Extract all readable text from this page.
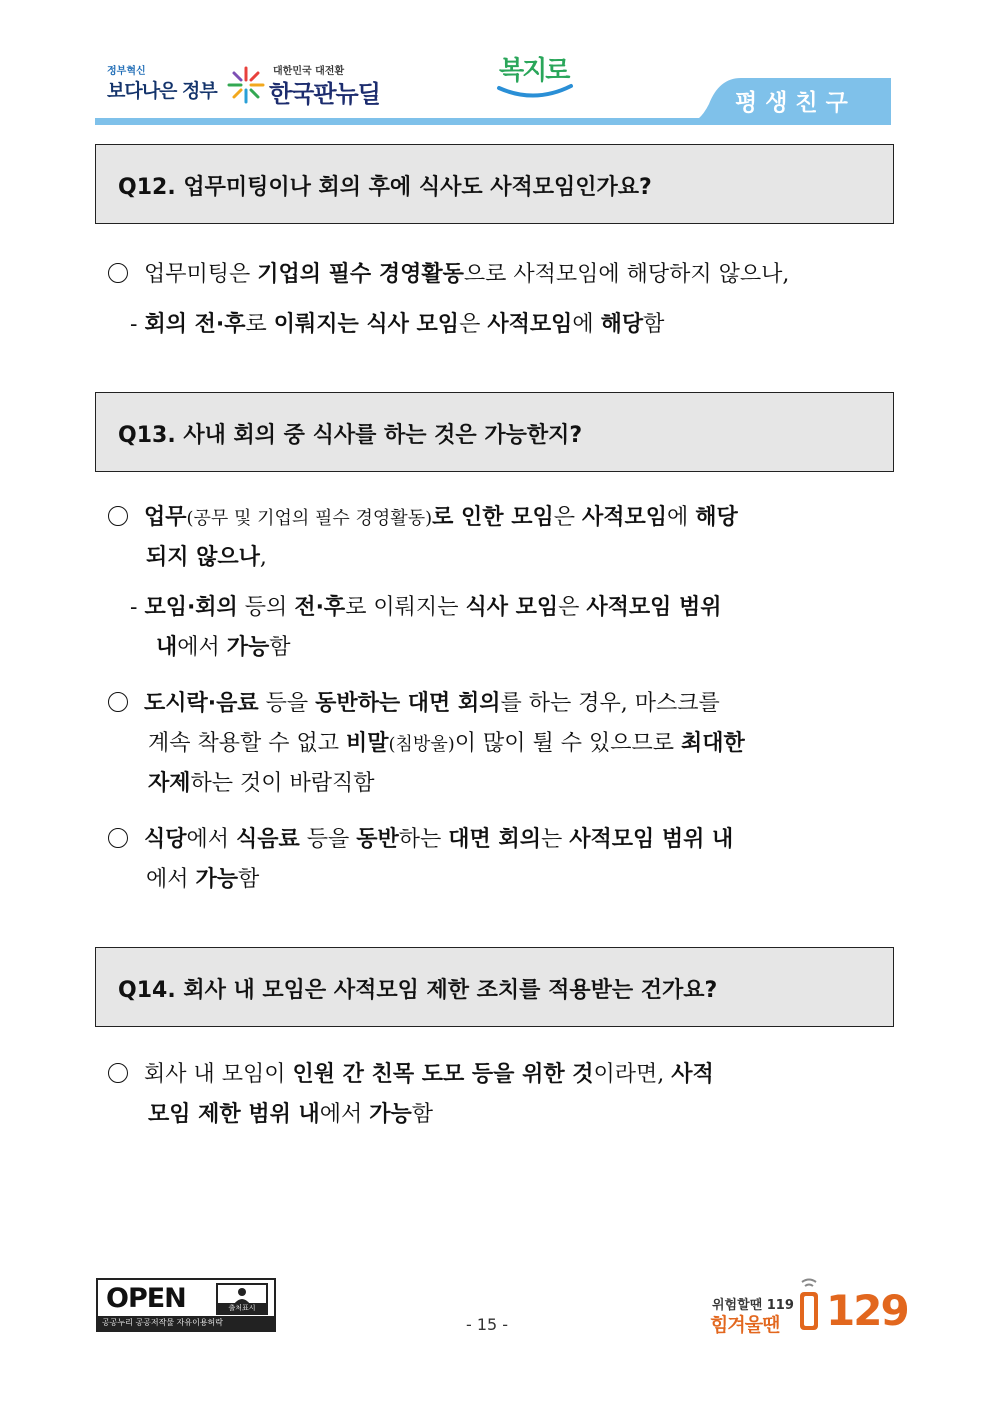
정부혁신
보다나은 정부
대한민국 대전환
한국판뉴딜
복지로
평생친구
Q12. 업무미팅이나 회의 후에 식사도 사적모임인가요?
업무미팅은 기업의 필수 경영활동으로 사적모임에 해당하지 않으나,
- 회의 전·후로 이뤄지는 식사 모임은 사적모임에 해당함
Q13. 사내 회의 중 식사를 하는 것은 가능한지?
업무(공무 및 기업의 필수 경영활동)로 인한 모임은 사적모임에 해당
되지 않으나,
- 모임·회의 등의 전·후로 이뤄지는 식사 모임은 사적모임 범위
내에서 가능함
도시락·음료 등을 동반하는 대면 회의를 하는 경우, 마스크를
계속 착용할 수 없고 비말(침방울)이 많이 튈 수 있으므로 최대한
자제하는 것이 바람직함
식당에서 식음료 등을 동반하는 대면 회의는 사적모임 범위 내
에서 가능함
Q14. 회사 내 모임은 사적모임 제한 조치를 적용받는 건가요?
회사 내 모임이 인원 간 친목 도모 등을 위한 것이라면, 사적
모임 제한 범위 내에서 가능함
OPEN	출처표시
공공누리 공공저작물 자유이용허락	- 15 -
위험할땐 119
힘겨울땐 129
